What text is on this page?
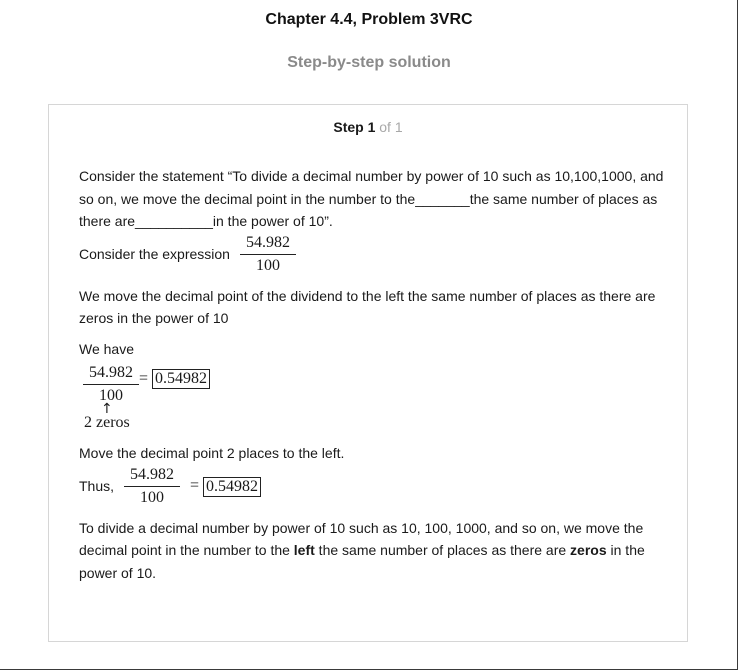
Chapter 4.4, Problem 3VRC
Step-by-step solution
Step 1 of 1

Consider the statement “To divide a decimal number by power of 10 such as 10,100,1000, and so on, we move the decimal point in the number to the_______the same number of places as there are__________in the power of 10”.

Consider the expression $\frac{54.982}{100}$

We move the decimal point of the dividend to the left the same number of places as there are zeros in the power of 10

We have

54.982
100
= 0.54982
↑
2 zeros

Move the decimal point 2 places to the left.

Thus, $\frac{54.982}{100} = 0.54982$

To divide a decimal number by power of 10 such as 10, 100, 1000, and so on, we move the decimal point in the number to the left the same number of places as there are zeros in the power of 10.
